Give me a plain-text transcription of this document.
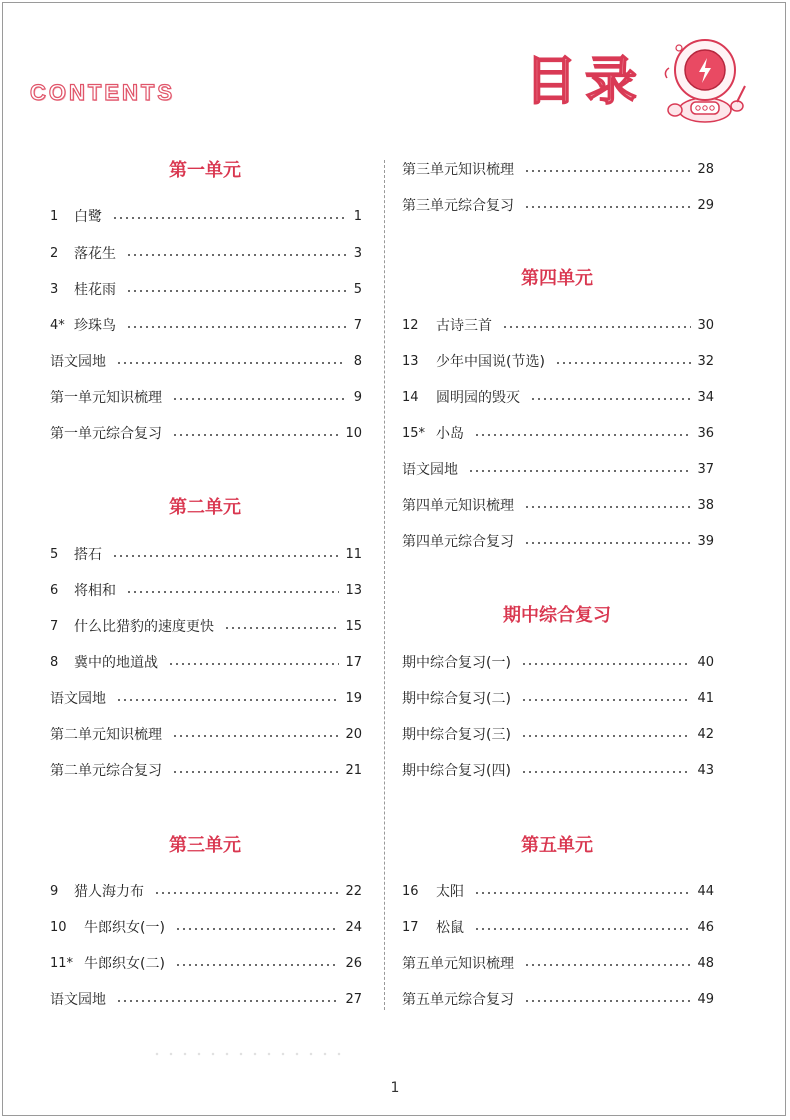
CONTENTS	目录
第一单元
1	白鹭	1
2	落花生	3
3	桂花雨	5
4* 珍珠鸟	7
语文园地	8
第一单元知识梳理	9
第一单元综合复习	10
第二单元
5	搭石	11
6	将相和	13
7	什么比猎豹的速度更快	15
8	冀中的地道战	17
语文园地	19
第二单元知识梳理	20
第二单元综合复习	21
第三单元
9	猎人海力布	22
10	牛郎织女(一)	24
11* 牛郎织女(二)	26
语文园地	27
第三单元知识梳理	28
第三单元综合复习	29
第四单元
12	古诗三首	30
13	少年中国说(节选)	32
14	圆明园的毁灭	34
15* 小岛	36
语文园地	37
第四单元知识梳理	38
第四单元综合复习	39
期中综合复习
期中综合复习(一)	40
期中综合复习(二)	41
期中综合复习(三)	42
期中综合复习(四)	43
第五单元
16	太阳	44
17	松鼠	46
第五单元知识梳理	48
第五单元综合复习	49
1
